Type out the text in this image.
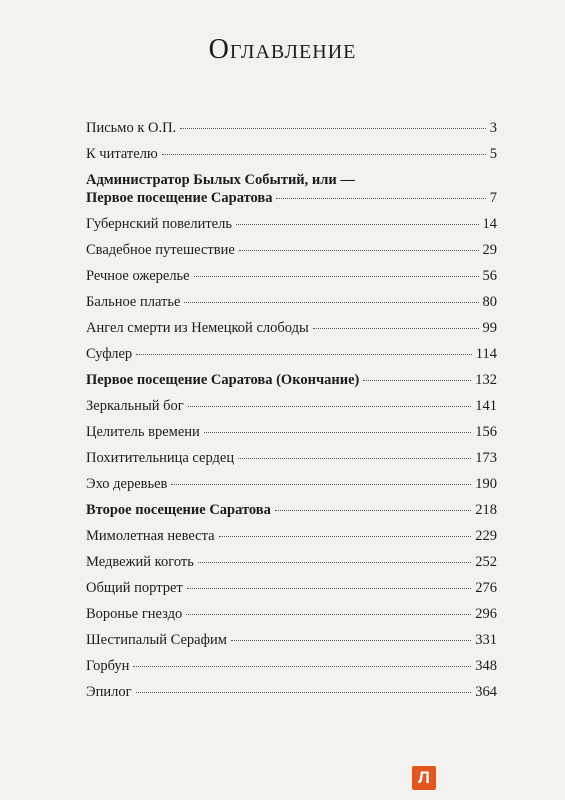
Оглавление
Письмо к О.П.	3
К читателю	5
Администратор Былых Событий, или —
Первое посещение Саратова	7
Губернский повелитель	14
Свадебное путешествие	29
Речное ожерелье	56
Бальное платье	80
Ангел смерти из Немецкой слободы	99
Суфлер	114
Первое посещение Саратова (Окончание)	132
Зеркальный бог	141
Целитель времени	156
Похитительница сердец	173
Эхо деревьев	190
Второе посещение Саратова	218
Мимолетная невеста	229
Медвежий коготь	252
Общий портрет	276
Воронье гнездо	296
Шестипалый Серафим	331
Горбун	348
Эпилог	364
Л
